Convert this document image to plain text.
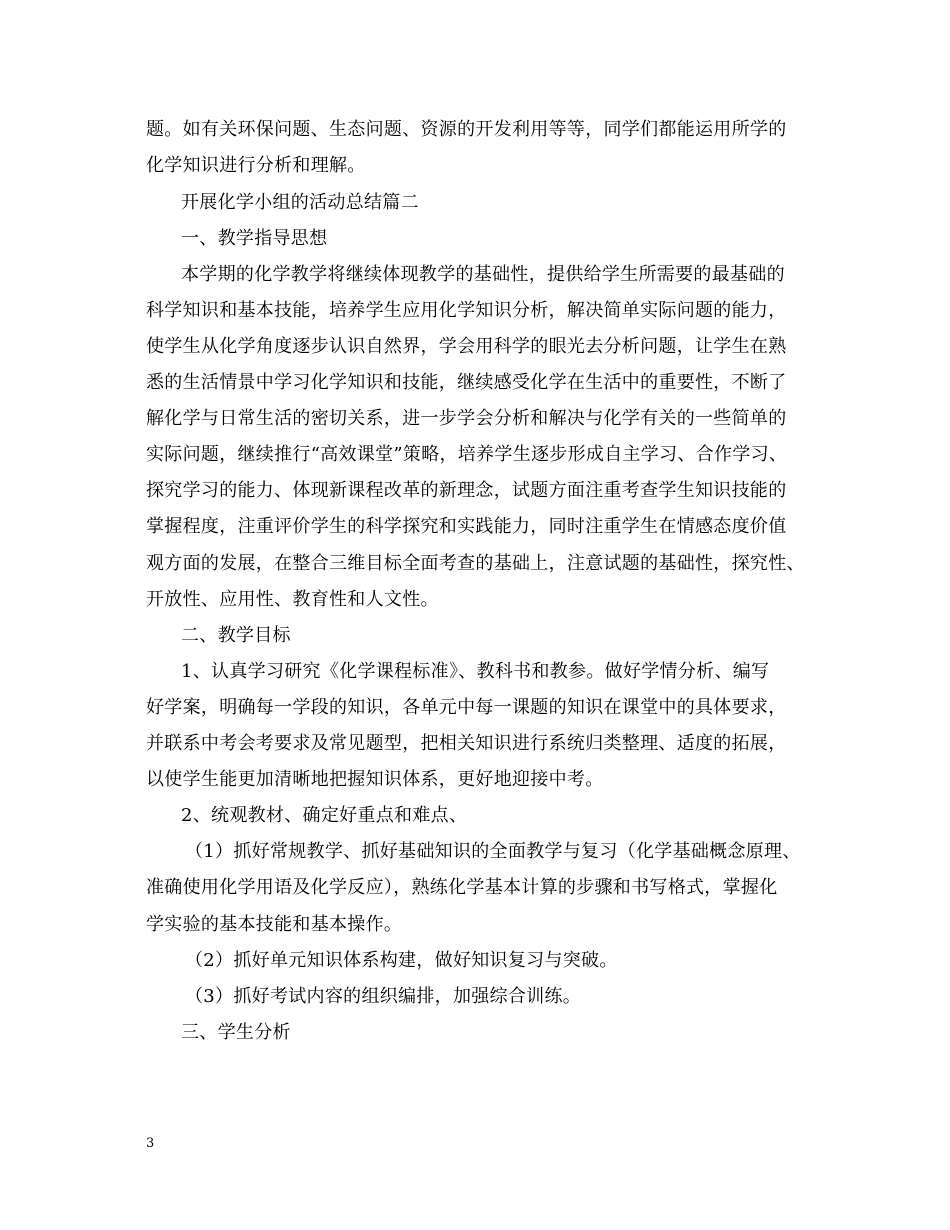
题。如有关环保问题、生态问题、资源的开发利用等等，同学们都能运用所学的
化学知识进行分析和理解。
开展化学小组的活动总结篇二
一、教学指导思想
本学期的化学教学将继续体现教学的基础性，提供给学生所需要的最基础的
科学知识和基本技能，培养学生应用化学知识分析，解决简单实际问题的能力，
使学生从化学角度逐步认识自然界，学会用科学的眼光去分析问题，让学生在熟
悉的生活情景中学习化学知识和技能，继续感受化学在生活中的重要性，不断了
解化学与日常生活的密切关系，进一步学会分析和解决与化学有关的一些简单的
实际问题，继续推行“高效课堂”策略，培养学生逐步形成自主学习、合作学习、
探究学习的能力、体现新课程改革的新理念，试题方面注重考查学生知识技能的
掌握程度，注重评价学生的科学探究和实践能力，同时注重学生在情感态度价值
观方面的发展，在整合三维目标全面考查的基础上，注意试题的基础性，探究性、
开放性、应用性、教育性和人文性。
二、教学目标
1、认真学习研究《化学课程标准》、教科书和教参。做好学情分析、编写
好学案，明确每一学段的知识，各单元中每一课题的知识在课堂中的具体要求，
并联系中考会考要求及常见题型，把相关知识进行系统归类整理、适度的拓展，
以使学生能更加清晰地把握知识体系，更好地迎接中考。
2、统观教材、确定好重点和难点、
（1）抓好常规教学、抓好基础知识的全面教学与复习（化学基础概念原理、
准确使用化学用语及化学反应），熟练化学基本计算的步骤和书写格式，掌握化
学实验的基本技能和基本操作。
（2）抓好单元知识体系构建，做好知识复习与突破。
（3）抓好考试内容的组织编排，加强综合训练。
三、学生分析
3
